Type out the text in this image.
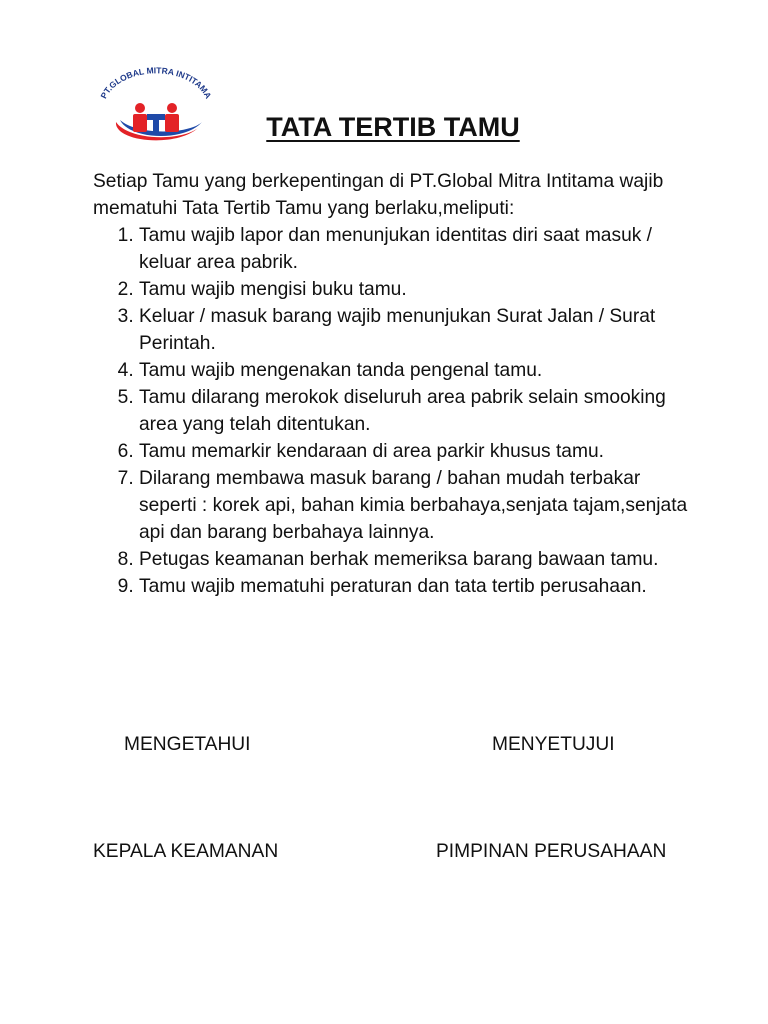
PT.GLOBAL MITRA INTITAMA
TATA TERTIB TAMU

Setiap Tamu yang berkepentingan di PT.Global Mitra Intitama wajib mematuhi Tata Tertib Tamu yang berlaku,meliputi:

1. Tamu wajib lapor dan menunjukan identitas diri saat masuk / keluar area pabrik.
2. Tamu wajib mengisi buku tamu.
3. Keluar / masuk barang wajib menunjukan Surat Jalan / Surat Perintah.
4. Tamu wajib mengenakan tanda pengenal tamu.
5. Tamu dilarang merokok diseluruh area pabrik selain smooking area yang telah ditentukan.
6. Tamu memarkir kendaraan di area parkir khusus tamu.
7. Dilarang membawa masuk barang / bahan mudah terbakar seperti : korek api, bahan kimia berbahaya,senjata tajam,senjata api dan barang berbahaya lainnya.
8. Petugas keamanan berhak memeriksa barang bawaan tamu.
9. Tamu wajib mematuhi peraturan dan tata tertib perusahaan.
MENGETAHUI	MENYETUJUI
KEPALA KEAMANAN	PIMPINAN PERUSAHAAN
